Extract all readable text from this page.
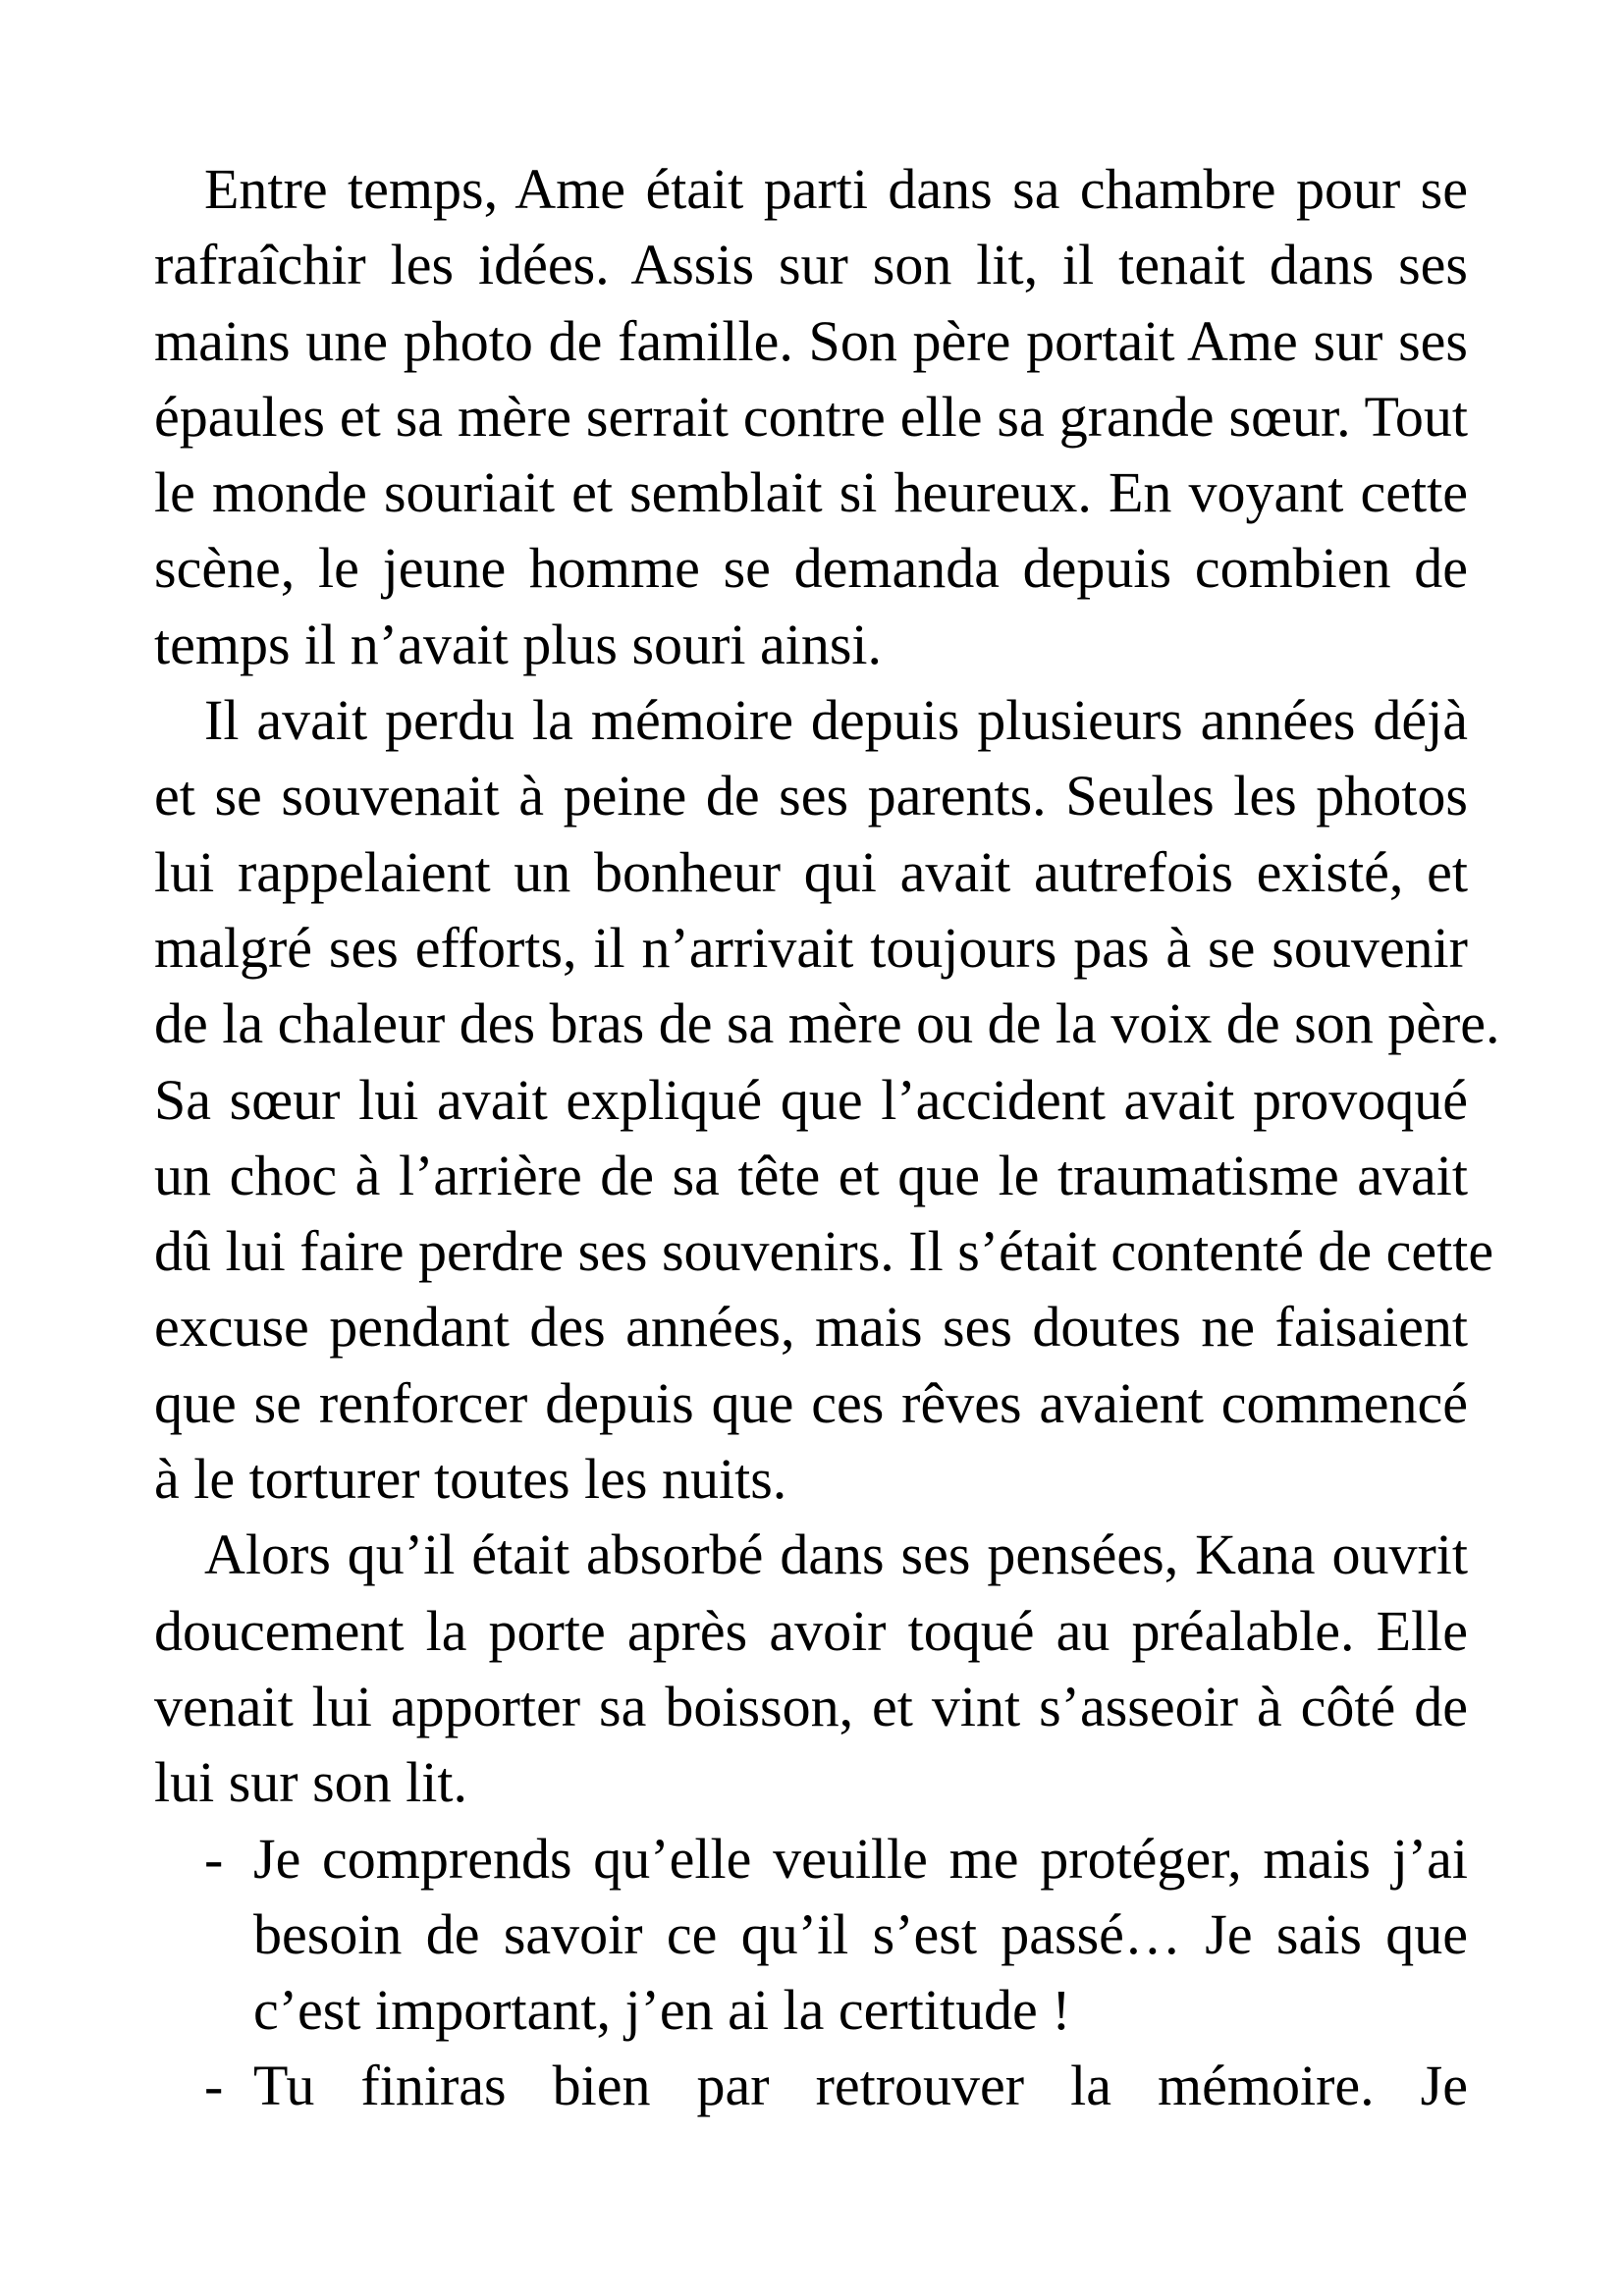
Entre temps, Ame était parti dans sa chambre pour se
rafraîchir les idées. Assis sur son lit, il tenait dans ses
mains une photo de famille. Son père portait Ame sur ses
épaules et sa mère serrait contre elle sa grande sœur. Tout
le monde souriait et semblait si heureux. En voyant cette
scène, le jeune homme se demanda depuis combien de
temps il n’avait plus souri ainsi.
Il avait perdu la mémoire depuis plusieurs années déjà
et se souvenait à peine de ses parents. Seules les photos
lui rappelaient un bonheur qui avait autrefois existé, et
malgré ses efforts, il n’arrivait toujours pas à se souvenir
de la chaleur des bras de sa mère ou de la voix de son père.
Sa sœur lui avait expliqué que l’accident avait provoqué
un choc à l’arrière de sa tête et que le traumatisme avait
dû lui faire perdre ses souvenirs. Il s’était contenté de cette
excuse pendant des années, mais ses doutes ne faisaient
que se renforcer depuis que ces rêves avaient commencé
à le torturer toutes les nuits.
Alors qu’il était absorbé dans ses pensées, Kana ouvrit
doucement la porte après avoir toqué au préalable. Elle
venait lui apporter sa boisson, et vint s’asseoir à côté de
lui sur son lit.
- Je comprends qu’elle veuille me protéger, mais j’ai
besoin de savoir ce qu’il s’est passé… Je sais que
c’est important, j’en ai la certitude !
- Tu finiras bien par retrouver la mémoire. Je
